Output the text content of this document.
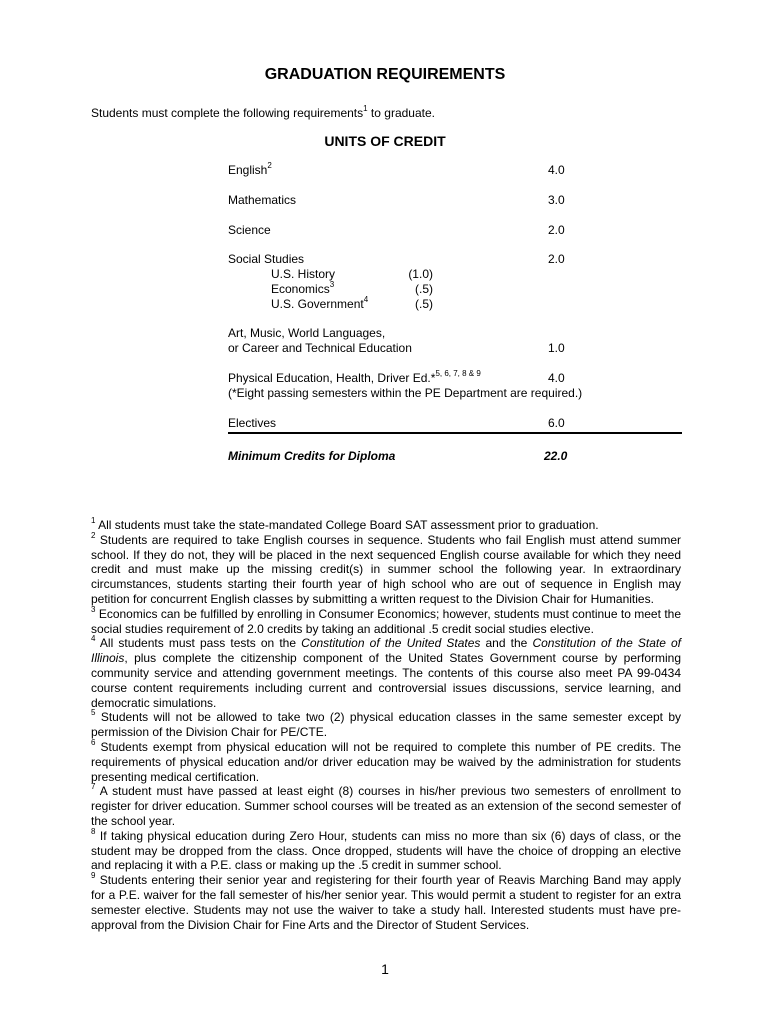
GRADUATION REQUIREMENTS
Students must complete the following requirements$^1$ to graduate.
UNITS OF CREDIT
English$^2$	4.0
Mathematics	3.0
Science	2.0
Social Studies	2.0
U.S. History	(1.0)
Economics$^3$	(.5)
U.S. Government$^4$	(.5)
Art, Music, World Languages,
or Career and Technical Education	1.0
Physical Education, Health, Driver Ed.*$^{5, 6, 7, 8 \& 9}$	4.0
(*Eight passing semesters within the PE Department are required.)
Electives	6.0
Minimum Credits for Diploma	22.0

$^1$ All students must take the state-mandated College Board SAT assessment prior to graduation.

$^2$ Students are required to take English courses in sequence. Students who fail English must attend summer school. If they do not, they will be placed in the next sequenced English course available for which they need credit and must make up the missing credit(s) in summer school the following year. In extraordinary circumstances, students starting their fourth year of high school who are out of sequence in English may petition for concurrent English classes by submitting a written request to the Division Chair for Humanities.

$^3$ Economics can be fulfilled by enrolling in Consumer Economics; however, students must continue to meet the social studies requirement of 2.0 credits by taking an additional .5 credit social studies elective.

$^4$ All students must pass tests on the Constitution of the United States and the Constitution of the State of Illinois, plus complete the citizenship component of the United States Government course by performing community service and attending government meetings. The contents of this course also meet PA 99-0434 course content requirements including current and controversial issues discussions, service learning, and democratic simulations.

$^5$ Students will not be allowed to take two (2) physical education classes in the same semester except by permission of the Division Chair for PE/CTE.

$^6$ Students exempt from physical education will not be required to complete this number of PE credits. The requirements of physical education and/or driver education may be waived by the administration for students presenting medical certification.

$^7$ A student must have passed at least eight (8) courses in his/her previous two semesters of enrollment to register for driver education. Summer school courses will be treated as an extension of the second semester of the school year.

$^8$ If taking physical education during Zero Hour, students can miss no more than six (6) days of class, or the student may be dropped from the class. Once dropped, students will have the choice of dropping an elective and replacing it with a P.E. class or making up the .5 credit in summer school.

$^9$ Students entering their senior year and registering for their fourth year of Reavis Marching Band may apply for a P.E. waiver for the fall semester of his/her senior year. This would permit a student to register for an extra semester elective. Students may not use the waiver to take a study hall. Interested students must have pre-approval from the Division Chair for Fine Arts and the Director of Student Services.

1
